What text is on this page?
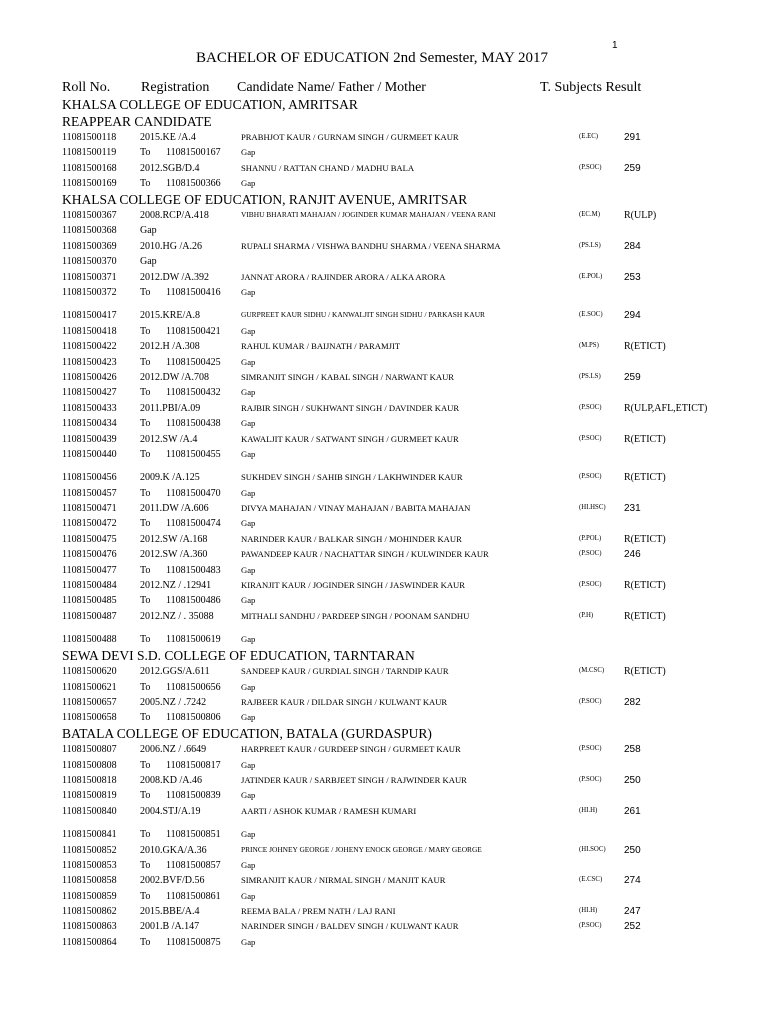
1
BACHELOR OF EDUCATION 2nd Semester, MAY 2017
Roll No. Registration Candidate Name/ Father / Mother	T. Subjects Result
KHALSA COLLEGE OF EDUCATION, AMRITSAR
REAPPEAR CANDIDATE
11081500118 2015.KE /A.4	PRABHJOT KAUR / GURNAM SINGH / GURMEET KAUR	(E.EC)	291
11081500119 To 11081500167 Gap
11081500168 2012.SGB/D.4	SHANNU / RATTAN CHAND / MADHU BALA	(P.SOC) 259
11081500169 To 11081500366 Gap
KHALSA COLLEGE OF EDUCATION, RANJIT AVENUE, AMRITSAR
11081500367 2008.RCP/A.418	VIBHU BHARATI MAHAJAN / JOGINDER KUMAR MAHAJAN / VEENA RANI	(EC.M) R(ULP)
11081500368 Gap
11081500369 2010.HG /A.26	RUPALI SHARMA / VISHWA BANDHU SHARMA / VEENA SHARMA	(PS.LS) 284
11081500370 Gap
11081500371 2012.DW /A.392	JANNAT ARORA / RAJINDER ARORA / ALKA ARORA	(E.POL) 253
11081500372 To 11081500416 Gap
11081500417 2015.KRE/A.8	GURPREET KAUR SIDHU / KANWALJIT SINGH SIDHU / PARKASH KAUR	(E.SOC) 294
11081500418 To 11081500421 Gap
11081500422 2012.H /A.308	RAHUL KUMAR / BAIJNATH / PARAMJIT	(M.PS)	R(ETICT)
11081500423 To 11081500425 Gap
11081500426 2012.DW /A.708	SIMRANJIT SINGH / KABAL SINGH / NARWANT KAUR	(PS.LS) 259
11081500427 To 11081500432 Gap
11081500433 2011.PBI/A.09	RAJBIR SINGH / SUKHWANT SINGH / DAVINDER KAUR	(P.SOC) R(ULP,AFL,ETICT)
11081500434 To 11081500438 Gap
11081500439 2012.SW /A.4	KAWALJIT KAUR / SATWANT SINGH / GURMEET KAUR	(P.SOC) R(ETICT)
11081500440 To 11081500455 Gap
11081500456 2009.K /A.125	SUKHDEV SINGH / SAHIB SINGH / LAKHWINDER KAUR	(P.SOC) R(ETICT)
11081500457 To 11081500470 Gap
11081500471 2011.DW /A.606	DIVYA MAHAJAN / VINAY MAHAJAN / BABITA MAHAJAN	(HI.HSC) 231
11081500472 To 11081500474 Gap
11081500475 2012.SW /A.168	NARINDER KAUR / BALKAR SINGH / MOHINDER KAUR	(P.POL) R(ETICT)
11081500476 2012.SW /A.360	PAWANDEEP KAUR / NACHATTAR SINGH / KULWINDER KAUR	(P.SOC) 246
11081500477 To 11081500483 Gap
11081500484 2012.NZ / .12941	KIRANJIT KAUR / JOGINDER SINGH / JASWINDER KAUR	(P.SOC) R(ETICT)
11081500485 To 11081500486 Gap
11081500487 2012.NZ / . 35088	MITHALI SANDHU / PARDEEP SINGH / POONAM SANDHU	(P.H)	R(ETICT)
11081500488 To 11081500619 Gap
SEWA DEVI S.D. COLLEGE OF EDUCATION, TARNTARAN
11081500620 2012.GGS/A.611	SANDEEP KAUR / GURDIAL SINGH / TARNDIP KAUR	(M.CSC) R(ETICT)
11081500621 To 11081500656 Gap
11081500657 2005.NZ / .7242	RAJBEER KAUR / DILDAR SINGH / KULWANT KAUR	(P.SOC) 282
11081500658 To 11081500806 Gap
BATALA COLLEGE OF EDUCATION, BATALA (GURDASPUR)
11081500807 2006.NZ / .6649	HARPREET KAUR / GURDEEP SINGH / GURMEET KAUR	(P.SOC) 258
11081500808 To 11081500817 Gap
11081500818 2008.KD /A.46	JATINDER KAUR / SARBJEET SINGH / RAJWINDER KAUR	(P.SOC) 250
11081500819 To 11081500839 Gap
11081500840 2004.STJ/A.19	AARTI / ASHOK KUMAR / RAMESH KUMARI	(HI.H)	261
11081500841 To 11081500851 Gap
11081500852 2010.GKA/A.36	PRINCE JOHNEY GEORGE / JOHENY ENOCK GEORGE / MARY GEORGE	(HI.SOC) 250
11081500853 To 11081500857 Gap
11081500858 2002.BVF/D.56	SIMRANJIT KAUR / NIRMAL SINGH / MANJIT KAUR	(E.CSC) 274
11081500859 To 11081500861 Gap
11081500862 2015.BBE/A.4	REEMA BALA / PREM NATH / LAJ RANI	(HI.H)	247
11081500863 2001.B /A.147	NARINDER SINGH / BALDEV SINGH / KULWANT KAUR	(P.SOC) 252
11081500864 To 11081500875 Gap
